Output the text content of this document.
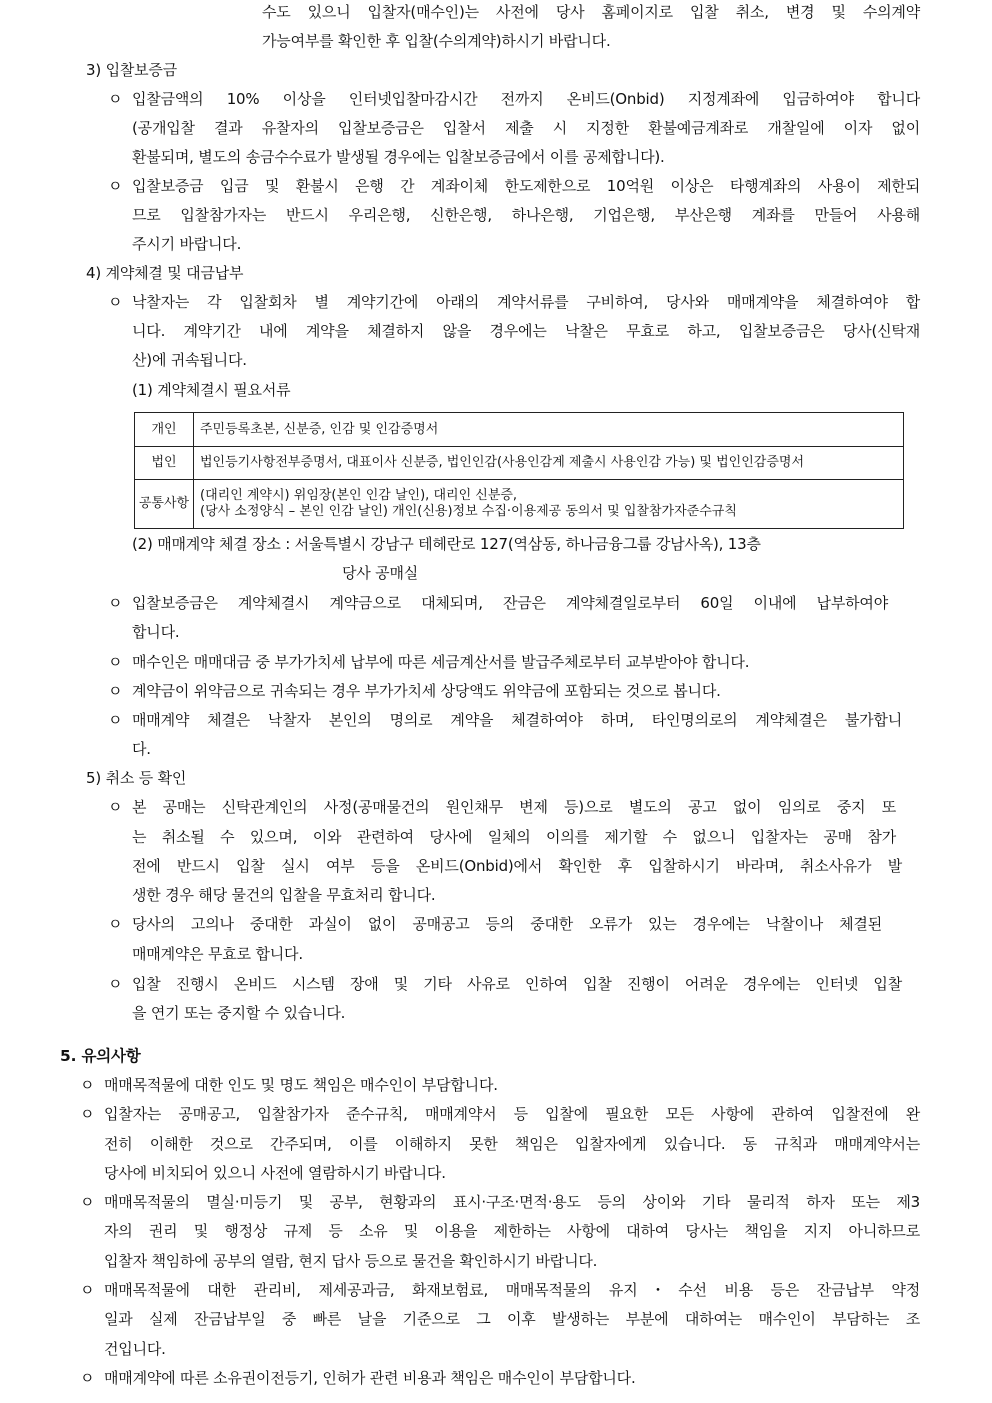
수도 있으니 입찰자(매수인)는 사전에 당사 홈페이지로 입찰 취소, 변경 및 수의계약
가능여부를 확인한 후 입찰(수의계약)하시기 바랍니다.
3) 입찰보증금
ㅇ 입찰금액의 10% 이상을 인터넷입찰마감시간 전까지 온비드(Onbid) 지정계좌에 입금하여야 합니다
(공개입찰 결과 유찰자의 입찰보증금은 입찰서 제출 시 지정한 환불예금계좌로 개찰일에 이자 없이
환불되며, 별도의 송금수수료가 발생될 경우에는 입찰보증금에서 이를 공제합니다).
ㅇ 입찰보증금 입금 및 환불시 은행 간 계좌이체 한도제한으로 10억원 이상은 타행계좌의 사용이 제한되
므로 입찰참가자는 반드시 우리은행, 신한은행, 하나은행, 기업은행, 부산은행 계좌를 만들어 사용해
주시기 바랍니다.
4) 계약체결 및 대금납부
ㅇ 낙찰자는 각 입찰회차 별 계약기간에 아래의 계약서류를 구비하여, 당사와 매매계약을 체결하여야 합
니다. 계약기간 내에 계약을 체결하지 않을 경우에는 낙찰은 무효로 하고, 입찰보증금은 당사(신탁재
산)에 귀속됩니다.
(1) 계약체결시 필요서류
개인	주민등록초본, 신분증, 인감 및 인감증명서
법인	법인등기사항전부증명서, 대표이사 신분증, 법인인감(사용인감계 제출시 사용인감 가능) 및 법인인감증명서
공통사항	(대리인 계약시) 위임장(본인 인감 날인), 대리인 신분증,
(당사 소정양식 – 본인 인감 날인) 개인(신용)정보 수집·이용제공 동의서 및 입찰참가자준수규칙
(2) 매매계약 체결 장소 : 서울특별시 강남구 테헤란로 127(역삼동, 하나금융그룹 강남사옥), 13층
당사 공매실
ㅇ 입찰보증금은 계약체결시 계약금으로 대체되며, 잔금은 계약체결일로부터 60일 이내에 납부하여야
합니다.
ㅇ 매수인은 매매대금 중 부가가치세 납부에 따른 세금계산서를 발급주체로부터 교부받아야 합니다.
ㅇ 계약금이 위약금으로 귀속되는 경우 부가가치세 상당액도 위약금에 포함되는 것으로 봅니다.
ㅇ 매매계약 체결은 낙찰자 본인의 명의로 계약을 체결하여야 하며, 타인명의로의 계약체결은 불가합니
다.
5) 취소 등 확인
ㅇ 본 공매는 신탁관계인의 사정(공매물건의 원인채무 변제 등)으로 별도의 공고 없이 임의로 중지 또
는 취소될 수 있으며, 이와 관련하여 당사에 일체의 이의를 제기할 수 없으니 입찰자는 공매 참가
전에 반드시 입찰 실시 여부 등을 온비드(Onbid)에서 확인한 후 입찰하시기 바라며, 취소사유가 발
생한 경우 해당 물건의 입찰을 무효처리 합니다.
ㅇ 당사의 고의나 중대한 과실이 없이 공매공고 등의 중대한 오류가 있는 경우에는 낙찰이나 체결된
매매계약은 무효로 합니다.
ㅇ 입찰 진행시 온비드 시스템 장애 및 기타 사유로 인하여 입찰 진행이 어려운 경우에는 인터넷 입찰
을 연기 또는 중지할 수 있습니다.
5. 유의사항
ㅇ 매매목적물에 대한 인도 및 명도 책임은 매수인이 부담합니다.
ㅇ 입찰자는 공매공고, 입찰참가자 준수규칙, 매매계약서 등 입찰에 필요한 모든 사항에 관하여 입찰전에 완
전히 이해한 것으로 간주되며, 이를 이해하지 못한 책임은 입찰자에게 있습니다. 동 규칙과 매매계약서는
당사에 비치되어 있으니 사전에 열람하시기 바랍니다.
ㅇ 매매목적물의 멸실·미등기 및 공부, 현황과의 표시·구조·면적·용도 등의 상이와 기타 물리적 하자 또는 제3
자의 권리 및 행정상 규제 등 소유 및 이용을 제한하는 사항에 대하여 당사는 책임을 지지 아니하므로
입찰자 책임하에 공부의 열람, 현지 답사 등으로 물건을 확인하시기 바랍니다.
ㅇ 매매목적물에 대한 관리비, 제세공과금, 화재보험료, 매매목적물의 유지・수선 비용 등은 잔금납부 약정
일과 실제 잔금납부일 중 빠른 날을 기준으로 그 이후 발생하는 부분에 대하여는 매수인이 부담하는 조
건입니다.
ㅇ 매매계약에 따른 소유권이전등기, 인허가 관련 비용과 책임은 매수인이 부담합니다.
